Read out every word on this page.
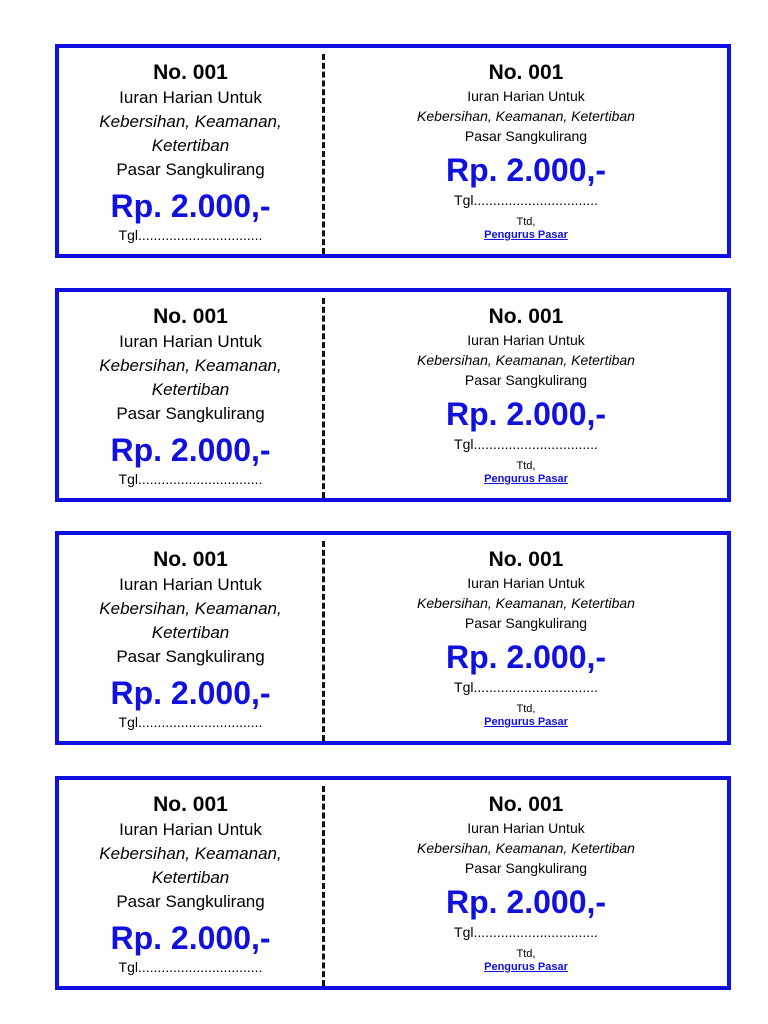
No. 001
Iuran Harian Untuk
Kebersihan, Keamanan, Ketertiban
Pasar Sangkulirang
Rp. 2.000,-
Tgl................................
No. 001
Iuran Harian Untuk
Kebersihan, Keamanan, Ketertiban
Pasar Sangkulirang
Rp. 2.000,-
Tgl................................
Ttd,
Pengurus Pasar
No. 001
Iuran Harian Untuk
Kebersihan, Keamanan, Ketertiban
Pasar Sangkulirang
Rp. 2.000,-
Tgl................................
No. 001
Iuran Harian Untuk
Kebersihan, Keamanan, Ketertiban
Pasar Sangkulirang
Rp. 2.000,-
Tgl................................
Ttd,
Pengurus Pasar
No. 001
Iuran Harian Untuk
Kebersihan, Keamanan, Ketertiban
Pasar Sangkulirang
Rp. 2.000,-
Tgl................................
No. 001
Iuran Harian Untuk
Kebersihan, Keamanan, Ketertiban
Pasar Sangkulirang
Rp. 2.000,-
Tgl................................
Ttd,
Pengurus Pasar
No. 001
Iuran Harian Untuk
Kebersihan, Keamanan, Ketertiban
Pasar Sangkulirang
Rp. 2.000,-
Tgl................................
No. 001
Iuran Harian Untuk
Kebersihan, Keamanan, Ketertiban
Pasar Sangkulirang
Rp. 2.000,-
Tgl................................
Ttd,
Pengurus Pasar
